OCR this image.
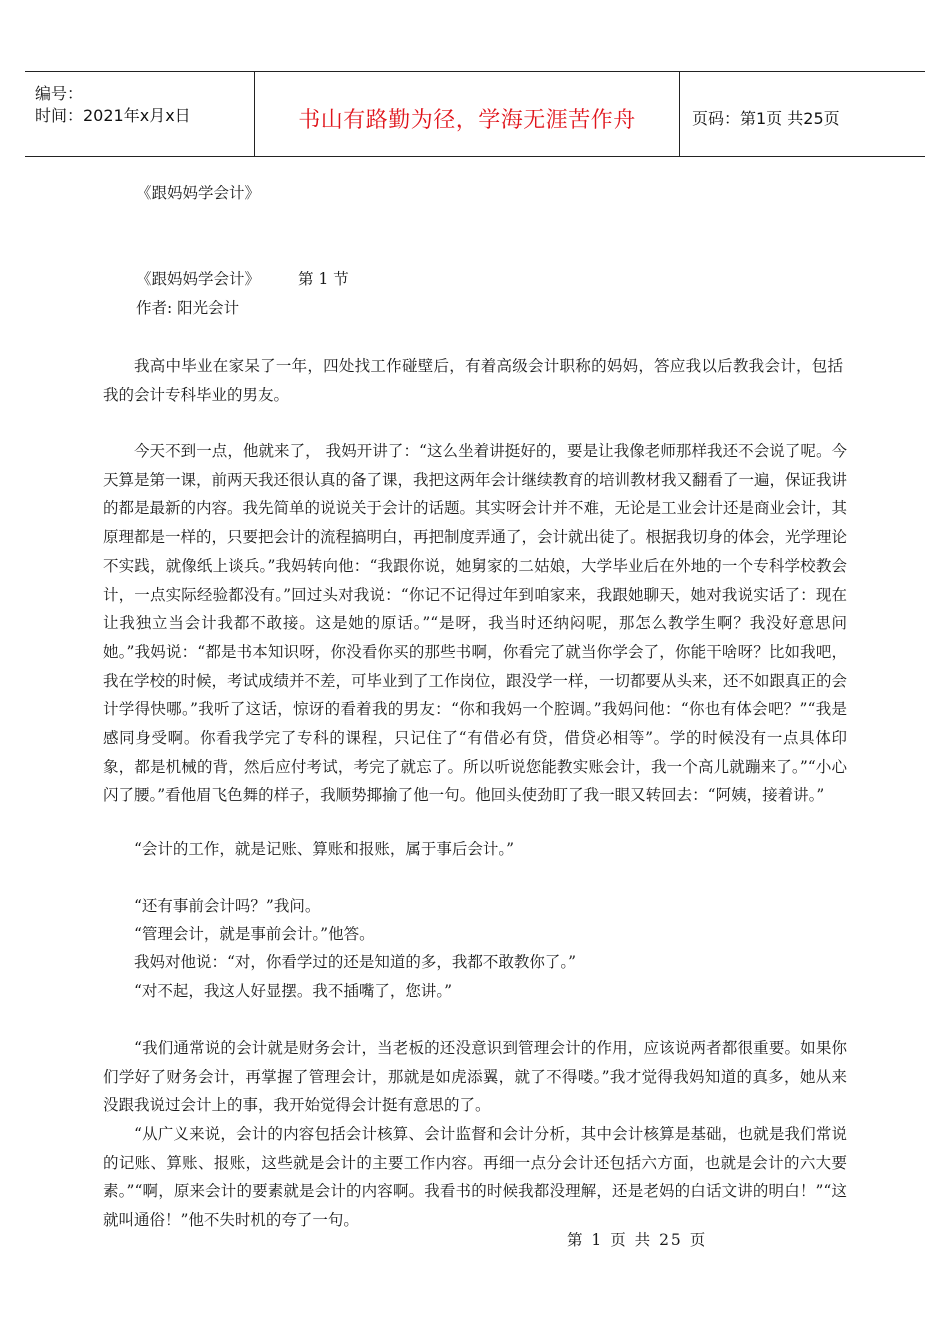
编号：
时间：2021年x月x日	书山有路勤为径，学海无涯苦作舟	页码：第1页 共25页
《跟妈妈学会计》
《跟妈妈学会计》 第 1 节
作者: 阳光会计

我高中毕业在家呆了一年，四处找工作碰壁后，有着高级会计职称的妈妈，答应我以后教我会计，包括我的会计专科毕业的男友。

今天不到一点，他就来了， 我妈开讲了：“这么坐着讲挺好的，要是让我像老师那样我还不会说了呢。今天算是第一课，前两天我还很认真的备了课，我把这两年会计继续教育的培训教材我又翻看了一遍，保证我讲的都是最新的内容。我先简单的说说关于会计的话题。其实呀会计并不难，无论是工业会计还是商业会计，其原理都是一样的，只要把会计的流程搞明白，再把制度弄通了，会计就出徒了。根据我切身的体会，光学理论不实践，就像纸上谈兵。”我妈转向他：“我跟你说，她舅家的二姑娘，大学毕业后在外地的一个专科学校教会计，一点实际经验都没有。”回过头对我说：“你记不记得过年到咱家来，我跟她聊天，她对我说实话了：现在让我独立当会计我都不敢接。这是她的原话。”“是呀，我当时还纳闷呢，那怎么教学生啊？我没好意思问她。”我妈说：“都是书本知识呀，你没看你买的那些书啊，你看完了就当你学会了，你能干啥呀？比如我吧，我在学校的时候，考试成绩并不差，可毕业到了工作岗位，跟没学一样，一切都要从头来，还不如跟真正的会计学得快哪。”我听了这话，惊讶的看着我的男友：“你和我妈一个腔调。”我妈问他：“你也有体会吧？”“我是感同身受啊。你看我学完了专科的课程，只记住了“有借必有贷，借贷必相等”。学的时候没有一点具体印象，都是机械的背，然后应付考试，考完了就忘了。所以听说您能教实账会计，我一个高儿就蹦来了。”“小心闪了腰。”看他眉飞色舞的样子，我顺势揶揄了他一句。他回头使劲盯了我一眼又转回去：“阿姨，接着讲。”

“会计的工作，就是记账、算账和报账，属于事后会计。”

“还有事前会计吗？”我问。

“管理会计，就是事前会计。”他答。

我妈对他说：“对，你看学过的还是知道的多，我都不敢教你了。”

“对不起，我这人好显摆。我不插嘴了，您讲。”

“我们通常说的会计就是财务会计，当老板的还没意识到管理会计的作用，应该说两者都很重要。如果你们学好了财务会计，再掌握了管理会计，那就是如虎添翼，就了不得喽。”我才觉得我妈知道的真多，她从来没跟我说过会计上的事，我开始觉得会计挺有意思的了。

“从广义来说，会计的内容包括会计核算、会计监督和会计分析，其中会计核算是基础，也就是我们常说的记账、算账、报账，这些就是会计的主要工作内容。再细一点分会计还包括六方面，也就是会计的六大要素。”“啊，原来会计的要素就是会计的内容啊。我看书的时候我都没理解，还是老妈的白话文讲的明白！”“这就叫通俗！”他不失时机的夸了一句。

第 1 页 共 25 页
